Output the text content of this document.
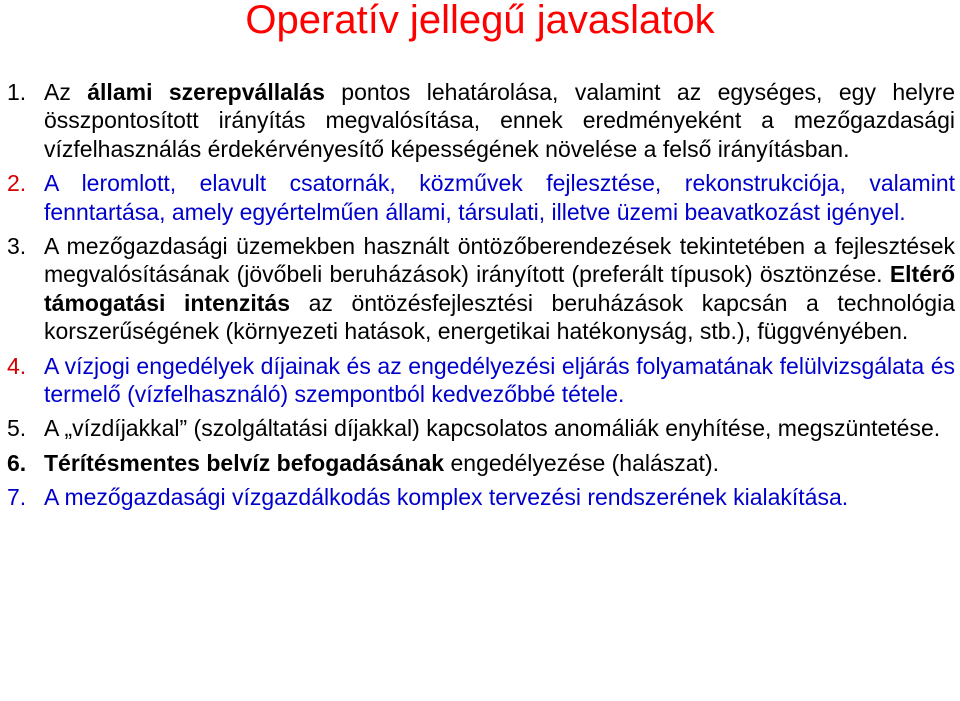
Operatív jellegű javaslatok
1. Az állami szerepvállalás pontos lehatárolása, valamint az egységes, egy helyre összpontosított irányítás megvalósítása, ennek eredményeként a mezőgazdasági vízfelhasználás érdekérvényesítő képességének növelése a felső irányításban.
2. A leromlott, elavult csatornák, közművek fejlesztése, rekonstrukciója, valamint fenntartása, amely egyértelműen állami, társulati, illetve üzemi beavatkozást igényel.
3. A mezőgazdasági üzemekben használt öntözőberendezések tekintetében a fejlesztések megvalósításának (jövőbeli beruházások) irányított (preferált típusok) ösztönzése. Eltérő támogatási intenzitás az öntözésfejlesztési beruházások kapcsán a technológia korszerűségének (környezeti hatások, energetikai hatékonyság, stb.), függvényében.
4. A vízjogi engedélyek díjainak és az engedélyezési eljárás folyamatának felülvizsgálata és termelő (vízfelhasználó) szempontból kedvezőbbé tétele.
5. A „vízdíjakkal” (szolgáltatási díjakkal) kapcsolatos anomáliák enyhítése, megszüntetése.
6. Térítésmentes belvíz befogadásának engedélyezése (halászat).
7. A mezőgazdasági vízgazdálkodás komplex tervezési rendszerének kialakítása.
